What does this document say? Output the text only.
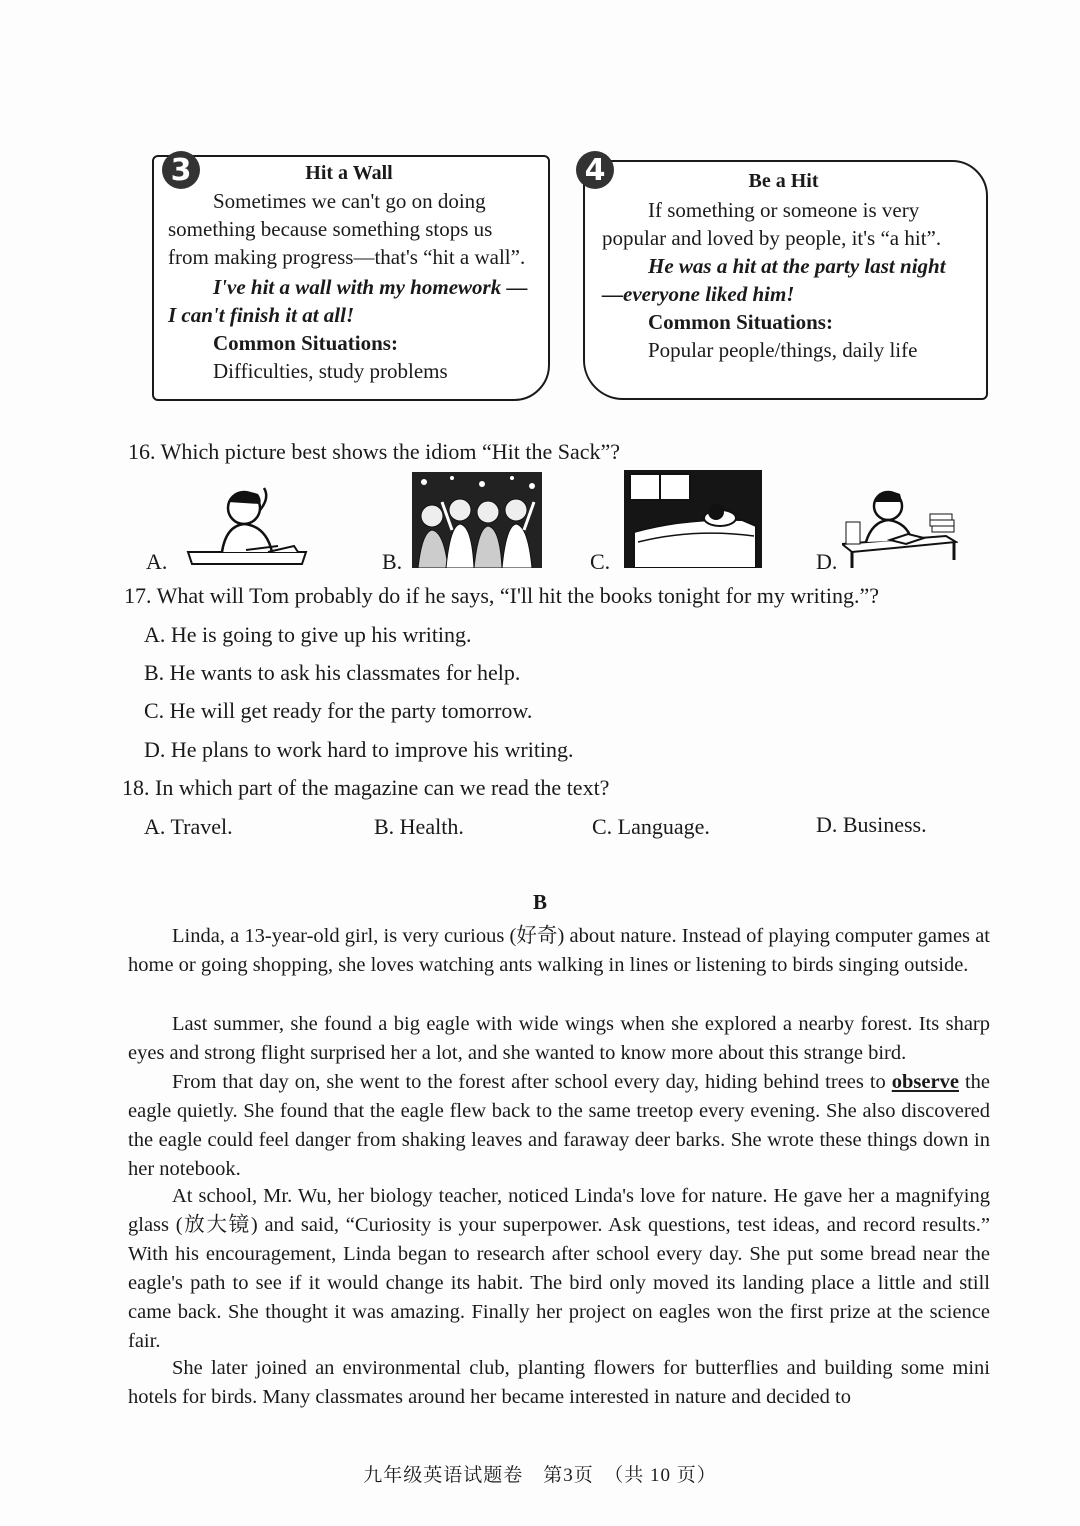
3	Hit a Wall
Sometimes we can't go on doing
something because something stops us
from making progress—that's “hit a wall”.
I've hit a wall with my homework —
I can't finish it at all!
Common Situations:
Difficulties, study problems
4	Be a Hit
If something or someone is very
popular and loved by people, it's “a hit”.
He was a hit at the party last night
—everyone liked him!
Common Situations:
Popular people/things, daily life
16. Which picture best shows the idiom “Hit the Sack”?
A.	B.	C.	D.
17. What will Tom probably do if he says, “I'll hit the books tonight for my writing.”?
A. He is going to give up his writing.
B. He wants to ask his classmates for help.
C. He will get ready for the party tomorrow.
D. He plans to work hard to improve his writing.
18. In which part of the magazine can we read the text?
A. Travel.	B. Health.	C. Language.	D. Business.
B
Linda, a 13-year-old girl, is very curious (好奇) about nature. Instead of playing computer games at home or going shopping, she loves watching ants walking in lines or listening to birds singing outside.
Last summer, she found a big eagle with wide wings when she explored a nearby forest. Its sharp eyes and strong flight surprised her a lot, and she wanted to know more about this strange bird.
From that day on, she went to the forest after school every day, hiding behind trees to observe the eagle quietly. She found that the eagle flew back to the same treetop every evening. She also discovered the eagle could feel danger from shaking leaves and faraway deer barks. She wrote these things down in her notebook.
At school, Mr. Wu, her biology teacher, noticed Linda's love for nature. He gave her a magnifying glass (放大镜) and said, “Curiosity is your superpower. Ask questions, test ideas, and record results.” With his encouragement, Linda began to research after school every day. She put some bread near the eagle's path to see if it would change its habit. The bird only moved its landing place a little and still came back. She thought it was amazing. Finally her project on eagles won the first prize at the science fair.
She later joined an environmental club, planting flowers for butterflies and building some mini hotels for birds. Many classmates around her became interested in nature and decided to
九年级英语试题卷　第3页　（共 10 页）
